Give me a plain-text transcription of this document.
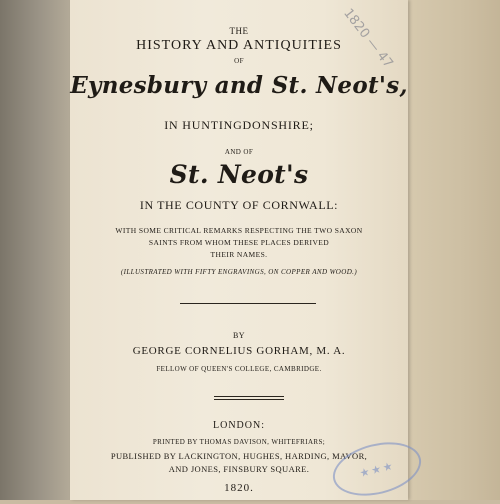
1820 — 47
THE
HISTORY AND ANTIQUITIES
OF
Eynesbury and St. Neot's,
IN HUNTINGDONSHIRE;
AND OF
St. Neot's
IN THE COUNTY OF CORNWALL:
WITH SOME CRITICAL REMARKS RESPECTING THE TWO SAXON
SAINTS FROM WHOM THESE PLACES DERIVED
THEIR NAMES.
(ILLUSTRATED WITH FIFTY ENGRAVINGS, ON COPPER AND WOOD.)
BY
GEORGE CORNELIUS GORHAM, M. A.
FELLOW OF QUEEN'S COLLEGE, CAMBRIDGE.
LONDON:
PRINTED BY THOMAS DAVISON, WHITEFRIARS;
PUBLISHED BY LACKINGTON, HUGHES, HARDING, MAVOR,
AND JONES, FINSBURY SQUARE.
1820.
★★★
